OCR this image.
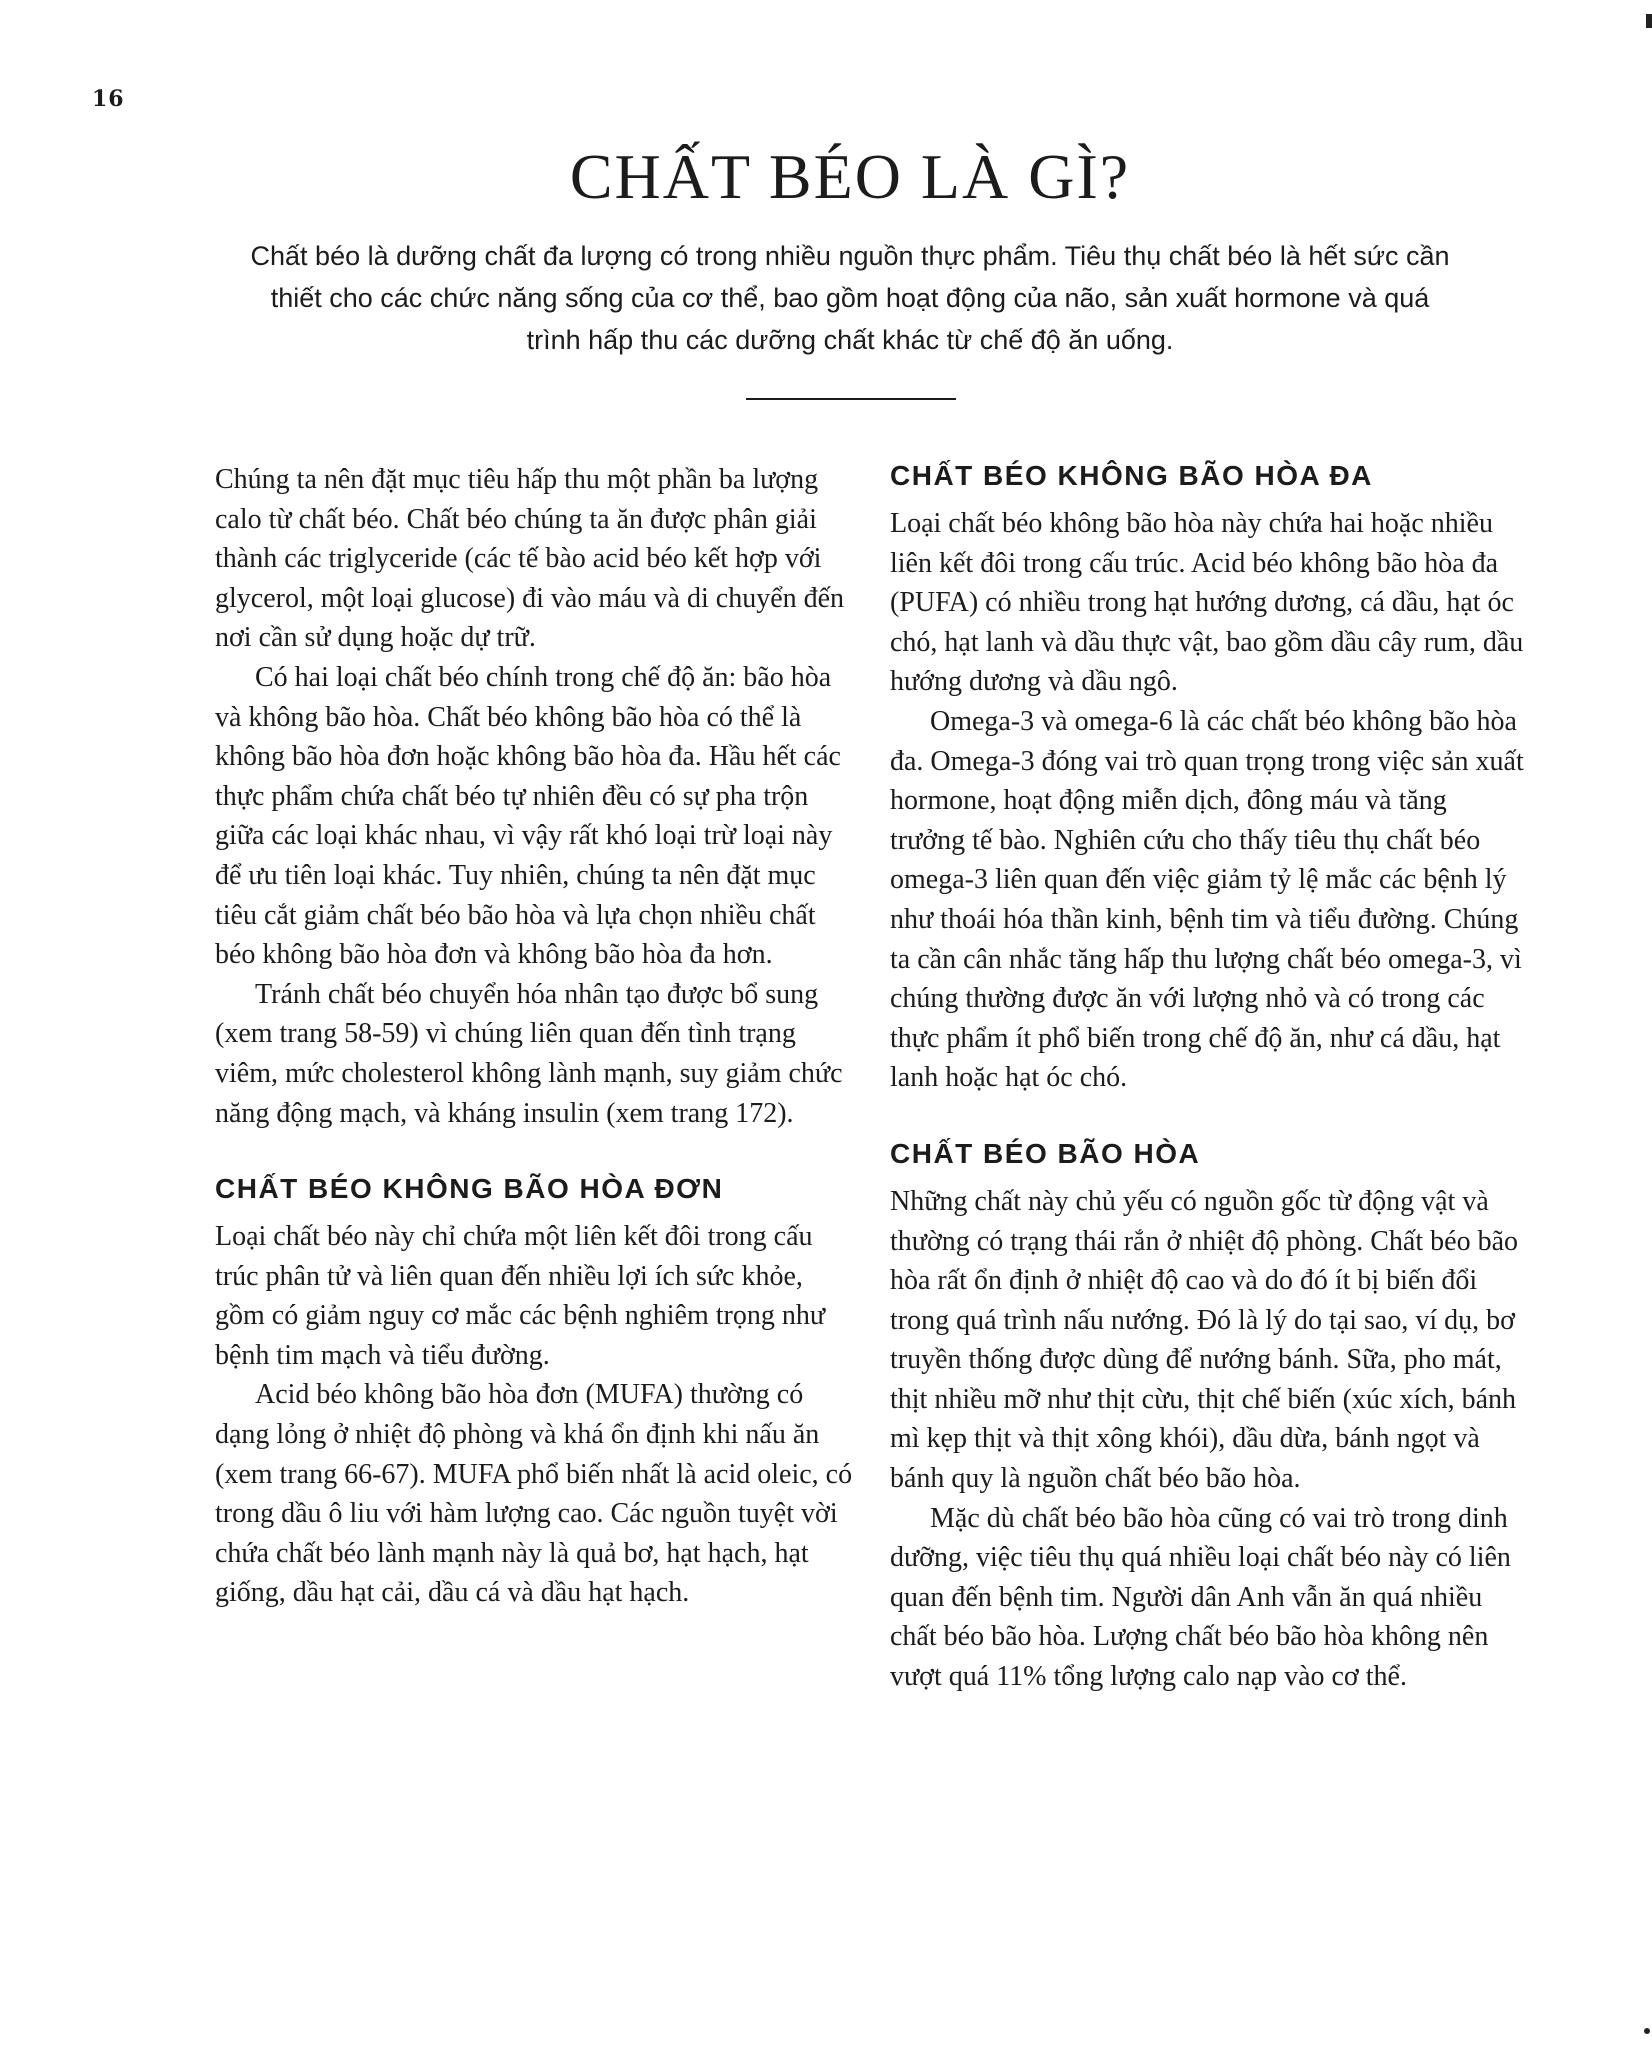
16
CHẤT BÉO LÀ GÌ?

Chất béo là dưỡng chất đa lượng có trong nhiều nguồn thực phẩm. Tiêu thụ chất béo là hết sức cần thiết cho các chức năng sống của cơ thể, bao gồm hoạt động của não, sản xuất hormone và quá trình hấp thu các dưỡng chất khác từ chế độ ăn uống.

Chúng ta nên đặt mục tiêu hấp thu một phần ba lượng calo từ chất béo. Chất béo chúng ta ăn được phân giải thành các triglyceride (các tế bào acid béo kết hợp với glycerol, một loại glucose) đi vào máu và di chuyển đến nơi cần sử dụng hoặc dự trữ.

Có hai loại chất béo chính trong chế độ ăn: bão hòa và không bão hòa. Chất béo không bão hòa có thể là không bão hòa đơn hoặc không bão hòa đa. Hầu hết các thực phẩm chứa chất béo tự nhiên đều có sự pha trộn giữa các loại khác nhau, vì vậy rất khó loại trừ loại này để ưu tiên loại khác. Tuy nhiên, chúng ta nên đặt mục tiêu cắt giảm chất béo bão hòa và lựa chọn nhiều chất béo không bão hòa đơn và không bão hòa đa hơn.

Tránh chất béo chuyển hóa nhân tạo được bổ sung (xem trang 58-59) vì chúng liên quan đến tình trạng viêm, mức cholesterol không lành mạnh, suy giảm chức năng động mạch, và kháng insulin (xem trang 172).

CHẤT BÉO KHÔNG BÃO HÒA ĐƠN

Loại chất béo này chỉ chứa một liên kết đôi trong cấu trúc phân tử và liên quan đến nhiều lợi ích sức khỏe, gồm có giảm nguy cơ mắc các bệnh nghiêm trọng như bệnh tim mạch và tiểu đường.

Acid béo không bão hòa đơn (MUFA) thường có dạng lỏng ở nhiệt độ phòng và khá ổn định khi nấu ăn (xem trang 66-67). MUFA phổ biến nhất là acid oleic, có trong dầu ô liu với hàm lượng cao. Các nguồn tuyệt vời chứa chất béo lành mạnh này là quả bơ, hạt hạch, hạt giống, dầu hạt cải, dầu cá và dầu hạt hạch.

CHẤT BÉO KHÔNG BÃO HÒA ĐA

Loại chất béo không bão hòa này chứa hai hoặc nhiều liên kết đôi trong cấu trúc. Acid béo không bão hòa đa (PUFA) có nhiều trong hạt hướng dương, cá dầu, hạt óc chó, hạt lanh và dầu thực vật, bao gồm dầu cây rum, dầu hướng dương và dầu ngô.

Omega-3 và omega-6 là các chất béo không bão hòa đa. Omega-3 đóng vai trò quan trọng trong việc sản xuất hormone, hoạt động miễn dịch, đông máu và tăng trưởng tế bào. Nghiên cứu cho thấy tiêu thụ chất béo omega-3 liên quan đến việc giảm tỷ lệ mắc các bệnh lý như thoái hóa thần kinh, bệnh tim và tiểu đường. Chúng ta cần cân nhắc tăng hấp thu lượng chất béo omega-3, vì chúng thường được ăn với lượng nhỏ và có trong các thực phẩm ít phổ biến trong chế độ ăn, như cá dầu, hạt lanh hoặc hạt óc chó.

CHẤT BÉO BÃO HÒA

Những chất này chủ yếu có nguồn gốc từ động vật và thường có trạng thái rắn ở nhiệt độ phòng. Chất béo bão hòa rất ổn định ở nhiệt độ cao và do đó ít bị biến đổi trong quá trình nấu nướng. Đó là lý do tại sao, ví dụ, bơ truyền thống được dùng để nướng bánh. Sữa, pho mát, thịt nhiều mỡ như thịt cừu, thịt chế biến (xúc xích, bánh mì kẹp thịt và thịt xông khói), dầu dừa, bánh ngọt và bánh quy là nguồn chất béo bão hòa.

Mặc dù chất béo bão hòa cũng có vai trò trong dinh dưỡng, việc tiêu thụ quá nhiều loại chất béo này có liên quan đến bệnh tim. Người dân Anh vẫn ăn quá nhiều chất béo bão hòa. Lượng chất béo bão hòa không nên vượt quá 11% tổng lượng calo nạp vào cơ thể.
